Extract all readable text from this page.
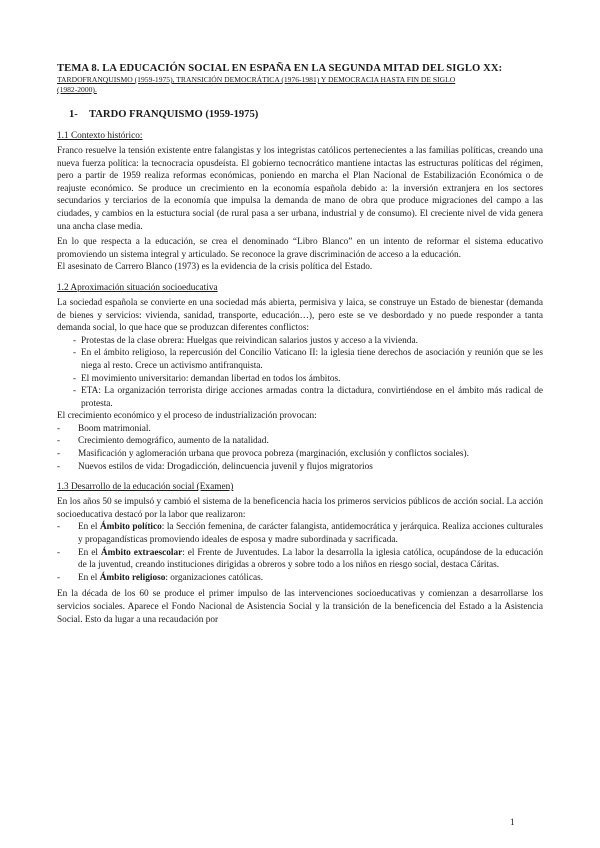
TEMA 8. LA EDUCACIÓN SOCIAL EN ESPAÑA EN LA SEGUNDA MITAD DEL SIGLO XX:

TARDOFRANQUISMO (1959-1975), TRANSICIÓN DEMOCRÁTICA (1976-1981) Y DEMOCRACIA HASTA FIN DE SIGLO

(1982-2000).

1- TARDO FRANQUISMO (1959-1975)
1.1 Contexto histórico:

Franco resuelve la tensión existente entre falangistas y los integristas católicos pertenecientes a las familias políticas, creando una nueva fuerza política: la tecnocracia opusdeísta. El gobierno tecnocrático mantiene intactas las estructuras políticas del régimen, pero a partir de 1959 realiza reformas económicas, poniendo en marcha el Plan Nacional de Estabilización Económica o de reajuste económico. Se produce un crecimiento en la economía española debido a: la inversión extranjera en los sectores secundarios y terciarios de la economía que impulsa la demanda de mano de obra que produce migraciones del campo a las ciudades, y cambios en la estuctura social (de rural pasa a ser urbana, industrial y de consumo). El creciente nivel de vida genera una ancha clase media.

En lo que respecta a la educación, se crea el denominado “Libro Blanco” en un intento de reformar el sistema educativo promoviendo un sistema integral y articulado. Se reconoce la grave discriminación de acceso a la educación.

El asesinato de Carrero Blanco (1973) es la evidencia de la crisis política del Estado.

1.2 Aproximación situación socioeducativa

La sociedad española se convierte en una sociedad más abierta, permisiva y laica, se construye un Estado de bienestar (demanda de bienes y servicios: vivienda, sanidad, transporte, educación…), pero este se ve desbordado y no puede responder a tanta demanda social, lo que hace que se produzcan diferentes conflictos:

- Protestas de la clase obrera: Huelgas que reivindican salarios justos y acceso a la vivienda.
- En el ámbito religioso, la repercusión del Concilio Vaticano II: la iglesia tiene derechos de asociación y reunión que se les niega al resto. Crece un activismo antifranquista.
- El movimiento universitario: demandan libertad en todos los ámbitos.
- ETA: La organización terrorista dirige acciones armadas contra la dictadura, convirtiéndose en el ámbito más radical de protesta.

El crecimiento económico y el proceso de industrialización provocan:

- Boom matrimonial.
- Crecimiento demográfico, aumento de la natalidad.
- Masificación y aglomeración urbana que provoca pobreza (marginación, exclusión y conflictos sociales).
- Nuevos estilos de vida: Drogadicción, delincuencia juvenil y flujos migratorios
1.3 Desarrollo de la educación social (Examen)

En los años 50 se impulsó y cambió el sistema de la beneficencia hacia los primeros servicios públicos de acción social. La acción socioeducativa destacó por la labor que realizaron:

- En el Ámbito político: la Sección femenina, de carácter falangista, antidemocrática y jerárquica. Realiza acciones culturales y propagandísticas promoviendo ideales de esposa y madre subordinada y sacrificada.
- En el Ámbito extraescolar: el Frente de Juventudes. La labor la desarrolla la iglesia católica, ocupándose de la educación de la juventud, creando instituciones dirigidas a obreros y sobre todo a los niños en riesgo social, destaca Cáritas.
- En el Ámbito religioso: organizaciones católicas.

En la década de los 60 se produce el primer impulso de las intervenciones socioeducativas y comienzan a desarrollarse los servicios sociales. Aparece el Fondo Nacional de Asistencia Social y la transición de la beneficencia del Estado a la Asistencia Social. Esto da lugar a una recaudación por

1
